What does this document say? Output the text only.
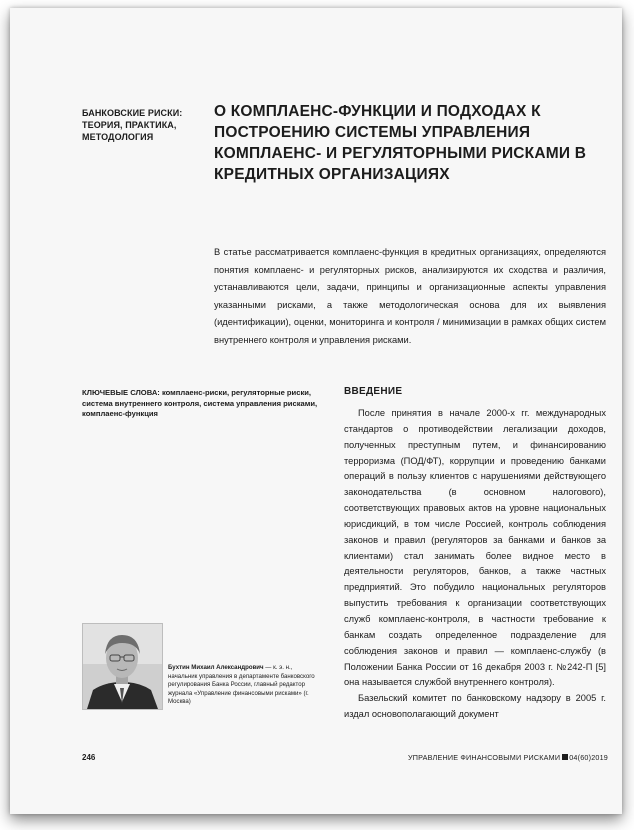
БАНКОВСКИЕ РИСКИ: ТЕОРИЯ, ПРАКТИКА, МЕТОДОЛОГИЯ
О КОМПЛАЕНС-ФУНКЦИИ И ПОДХОДАХ К ПОСТРОЕНИЮ СИСТЕМЫ УПРАВЛЕНИЯ КОМПЛАЕНС- И РЕГУЛЯТОРНЫМИ РИСКАМИ В КРЕДИТНЫХ ОРГАНИЗАЦИЯХ
В статье рассматривается комплаенс-функция в кредитных организациях, определяются понятия комплаенс- и регуляторных рисков, анализируются их сходства и различия, устанавливаются цели, задачи, принципы и организационные аспекты управления указанными рисками, а также методологическая основа для их выявления (идентификации), оценки, мониторинга и контроля / минимизации в рамках общих систем внутреннего контроля и управления рисками.
КЛЮЧЕВЫЕ СЛОВА: комплаенс-риски, регуляторные риски, система внутреннего контроля, система управления рисками, комплаенс-функция
Бухтин Михаил Александрович — к. э. н., начальник управления в департаменте банковского регулирования Банка России, главный редактор журнала «Управление финансовыми рисками» (г. Москва)
ВВЕДЕНИЕ

После принятия в начале 2000-х гг. международных стандартов о противодействии легализации доходов, полученных преступным путем, и финансированию терроризма (ПОД/ФТ), коррупции и проведению банками операций в пользу клиентов с нарушениями действующего законодательства (в основном налогового), соответствующих правовых актов на уровне национальных юрисдикций, в том числе Россией, контроль соблюдения законов и правил (регуляторов за банками и банков за клиентами) стал занимать более видное место в деятельности регуляторов, банков, а также частных предприятий. Это побудило национальных регуляторов выпустить требования к организации соответствующих служб комплаенс-контроля, в частности требование к банкам создать определенное подразделение для соблюдения законов и правил — комплаенс-службу (в Положении Банка России от 16 декабря 2003 г. №242-П [5] она называется службой внутреннего контроля).

Базельский комитет по банковскому надзору в 2005 г. издал основополагающий документ

246	УПРАВЛЕНИЕ ФИНАНСОВЫМИ РИСКАМИ 04(60)2019
